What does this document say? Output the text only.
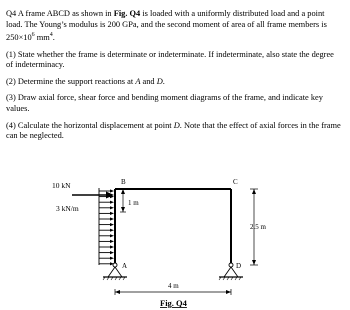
Q4 A frame ABCD as shown in Fig. Q4 is loaded with a uniformly distributed load and a point load. The Young’s modulus is 200 GPa, and the second moment of area of all frame members is $250\times 10^6$ $mm^4$.
(1) State whether the frame is determinate or indeterminate. If indeterminate, also state the degree of indeterminacy.
(2) Determine the support reactions at A and D.
(3) Draw axial force, shear force and bending moment diagrams of the frame, and indicate key values.
(4) Calculate the horizontal displacement at point D. Note that the effect of axial forces in the frame can be neglected.
10 kN
3 kN/m
B
1 m
C
A	D
2.5 m
4 m
Fig. Q4
